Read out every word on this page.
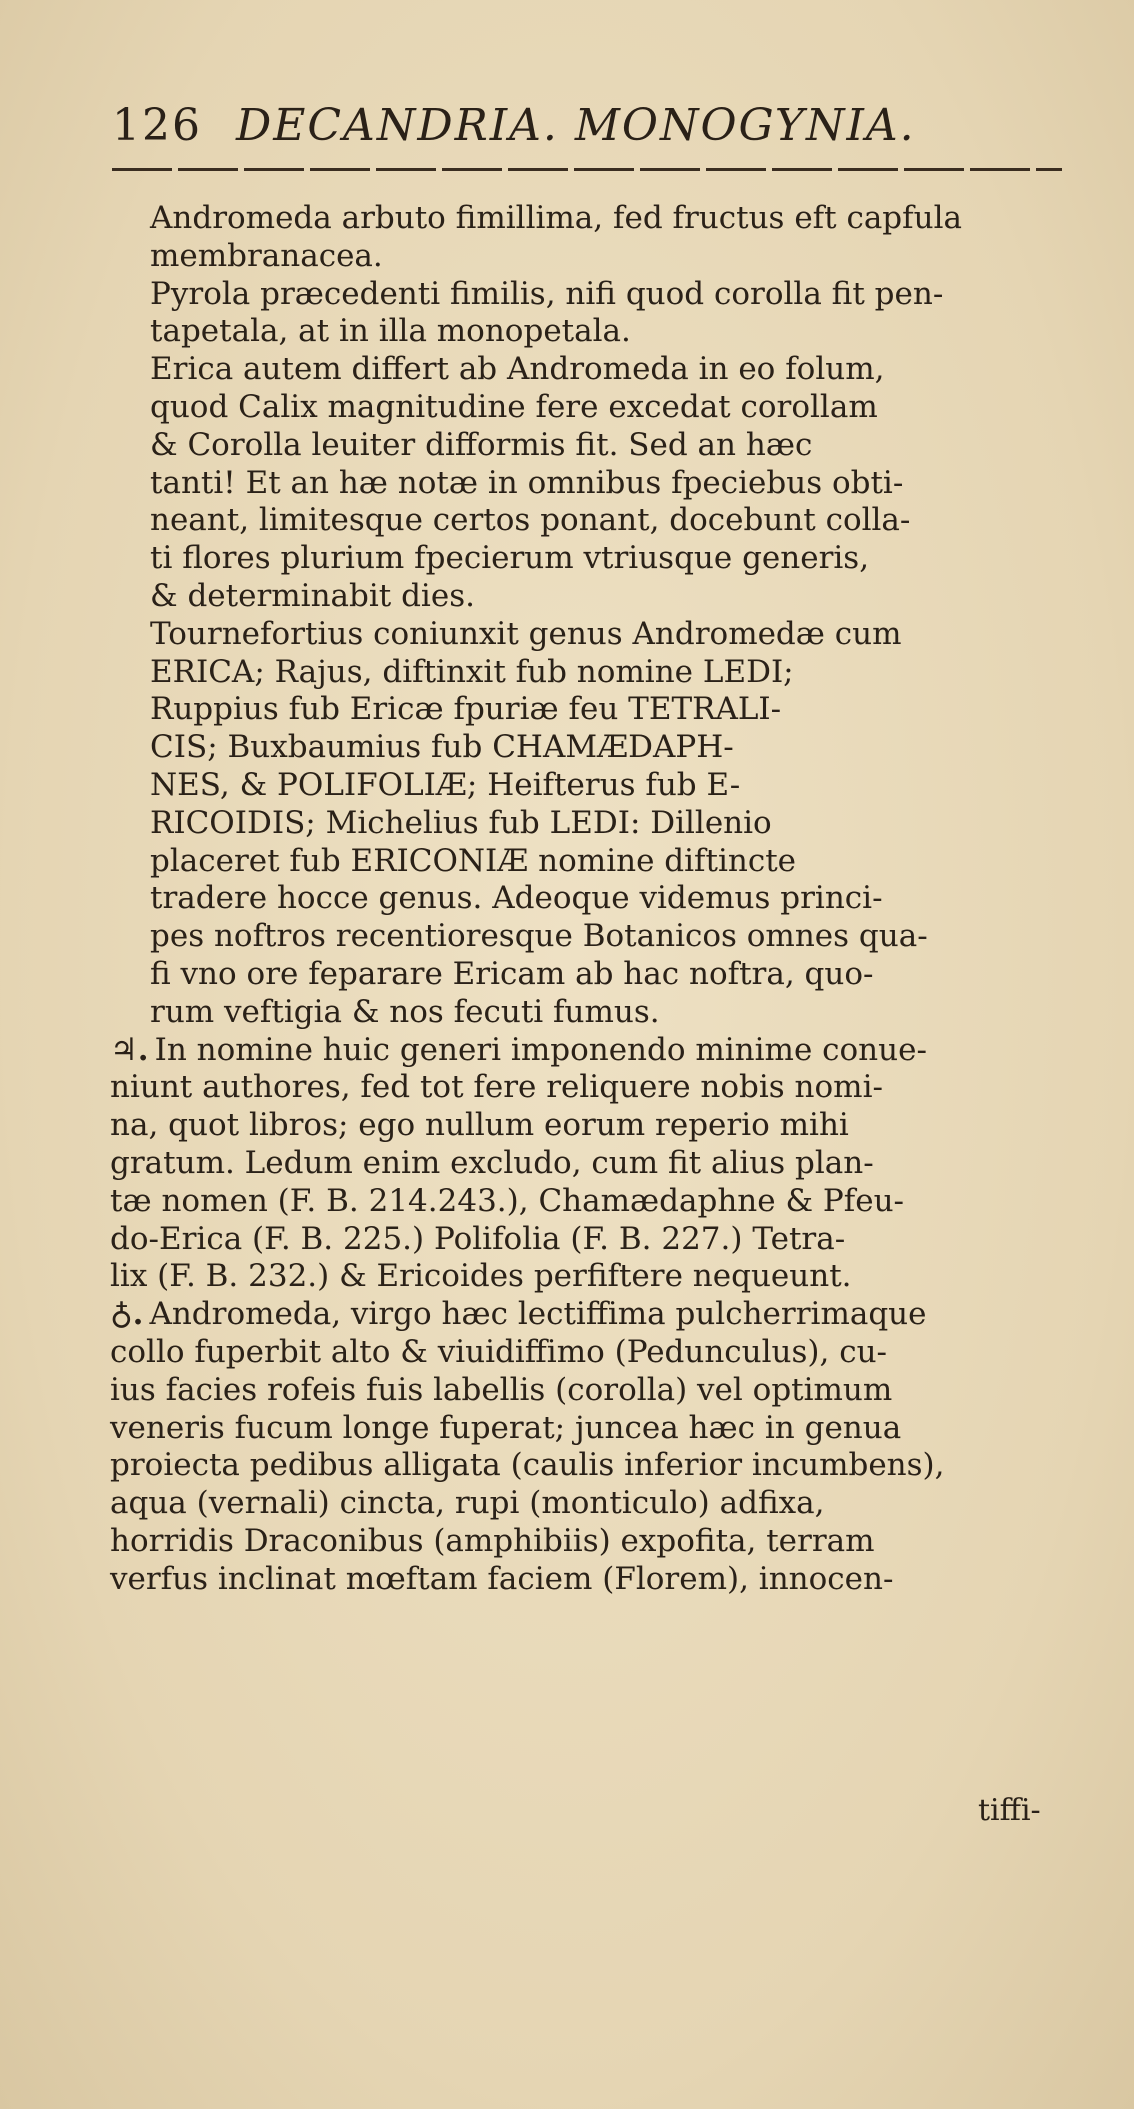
126 DECANDRIA. MONOGYNIA.

Andromeda arbuto fimillima, fed fructus eft capfula
membranacea.

Pyrola præcedenti fimilis, nifi quod corolla fit pen-
tapetala, at in illa monopetala.

Erica autem differt ab Andromeda in eo folum,
quod Calix magnitudine fere excedat corollam
& Corolla leuiter difformis fit. Sed an hæc
tanti! Et an hæ notæ in omnibus fpeciebus obti-
neant, limitesque certos ponant, docebunt colla-
ti flores plurium fpecierum vtriusque generis,
& determinabit dies.

Tournefortius coniunxit genus Andromedæ cum
ERICA; Rajus, diftinxit fub nomine LEDI;
Ruppius fub Ericæ fpuriæ feu TETRALI-
CIS; Buxbaumius fub CHAMÆDAPH-
NES, & POLIFOLIÆ; Heifterus fub E-
RICOIDIS; Michelius fub LEDI: Dillenio
placeret fub ERICONIÆ nomine diftincte
tradere hocce genus. Adeoque videmus princi-
pes noftros recentioresque Botanicos omnes qua-
fi vno ore feparare Ericam ab hac noftra, quo-
rum veftigia & nos fecuti fumus.

♃. In nomine huic generi imponendo minime conue-
niunt authores, fed tot fere reliquere nobis nomi-
na, quot libros; ego nullum eorum reperio mihi
gratum. Ledum enim excludo, cum fit alius plan-
tæ nomen (F. B. 214.243.), Chamædaphne & Pfeu-
do-Erica (F. B. 225.) Polifolia (F. B. 227.) Tetra-
lix (F. B. 232.) & Ericoides perfiftere nequeunt.

♁. Andromeda, virgo hæc lectiffima pulcherrimaque
collo fuperbit alto & viuidiffimo (Pedunculus), cu-
ius facies rofeis fuis labellis (corolla) vel optimum
veneris fucum longe fuperat; juncea hæc in genua
proiecta pedibus alligata (caulis inferior incumbens),
aqua (vernali) cincta, rupi (monticulo) adfixa,
horridis Draconibus (amphibiis) expofita, terram
verfus inclinat mœftam faciem (Florem), innocen-

tiffi-
